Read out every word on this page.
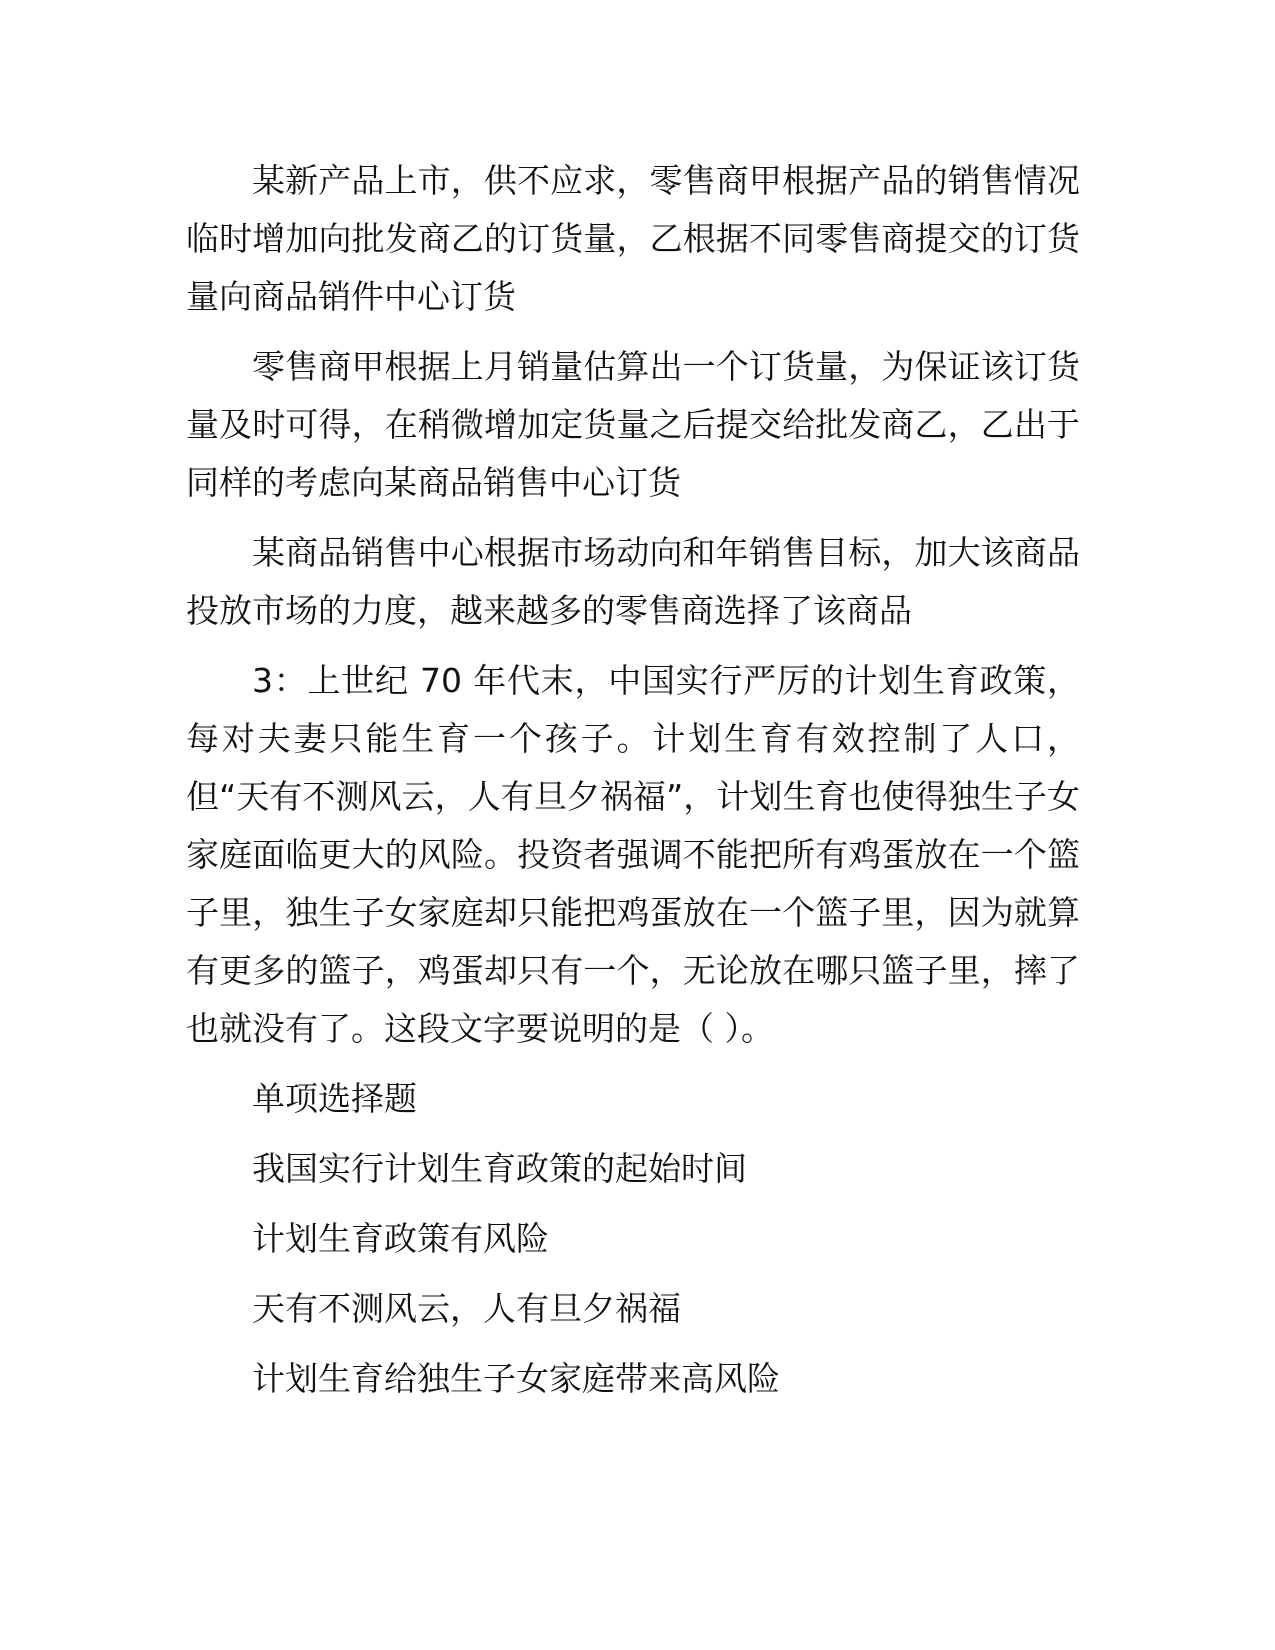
某新产品上市，供不应求，零售商甲根据产品的销售情况临时增加向批发商乙的订货量，乙根据不同零售商提交的订货量向商品销件中心订货

零售商甲根据上月销量估算出一个订货量，为保证该订货量及时可得，在稍微增加定货量之后提交给批发商乙，乙出于同样的考虑向某商品销售中心订货

某商品销售中心根据市场动向和年销售目标，加大该商品投放市场的力度，越来越多的零售商选择了该商品

3：上世纪 70 年代末，中国实行严厉的计划生育政策，每对夫妻只能生育一个孩子。计划生育有效控制了人口，但“天有不测风云，人有旦夕祸福”，计划生育也使得独生子女家庭面临更大的风险。投资者强调不能把所有鸡蛋放在一个篮子里，独生子女家庭却只能把鸡蛋放在一个篮子里，因为就算有更多的篮子，鸡蛋却只有一个，无论放在哪只篮子里，摔了也就没有了。这段文字要说明的是（ ）。

单项选择题

我国实行计划生育政策的起始时间

计划生育政策有风险

天有不测风云，人有旦夕祸福

计划生育给独生子女家庭带来高风险
